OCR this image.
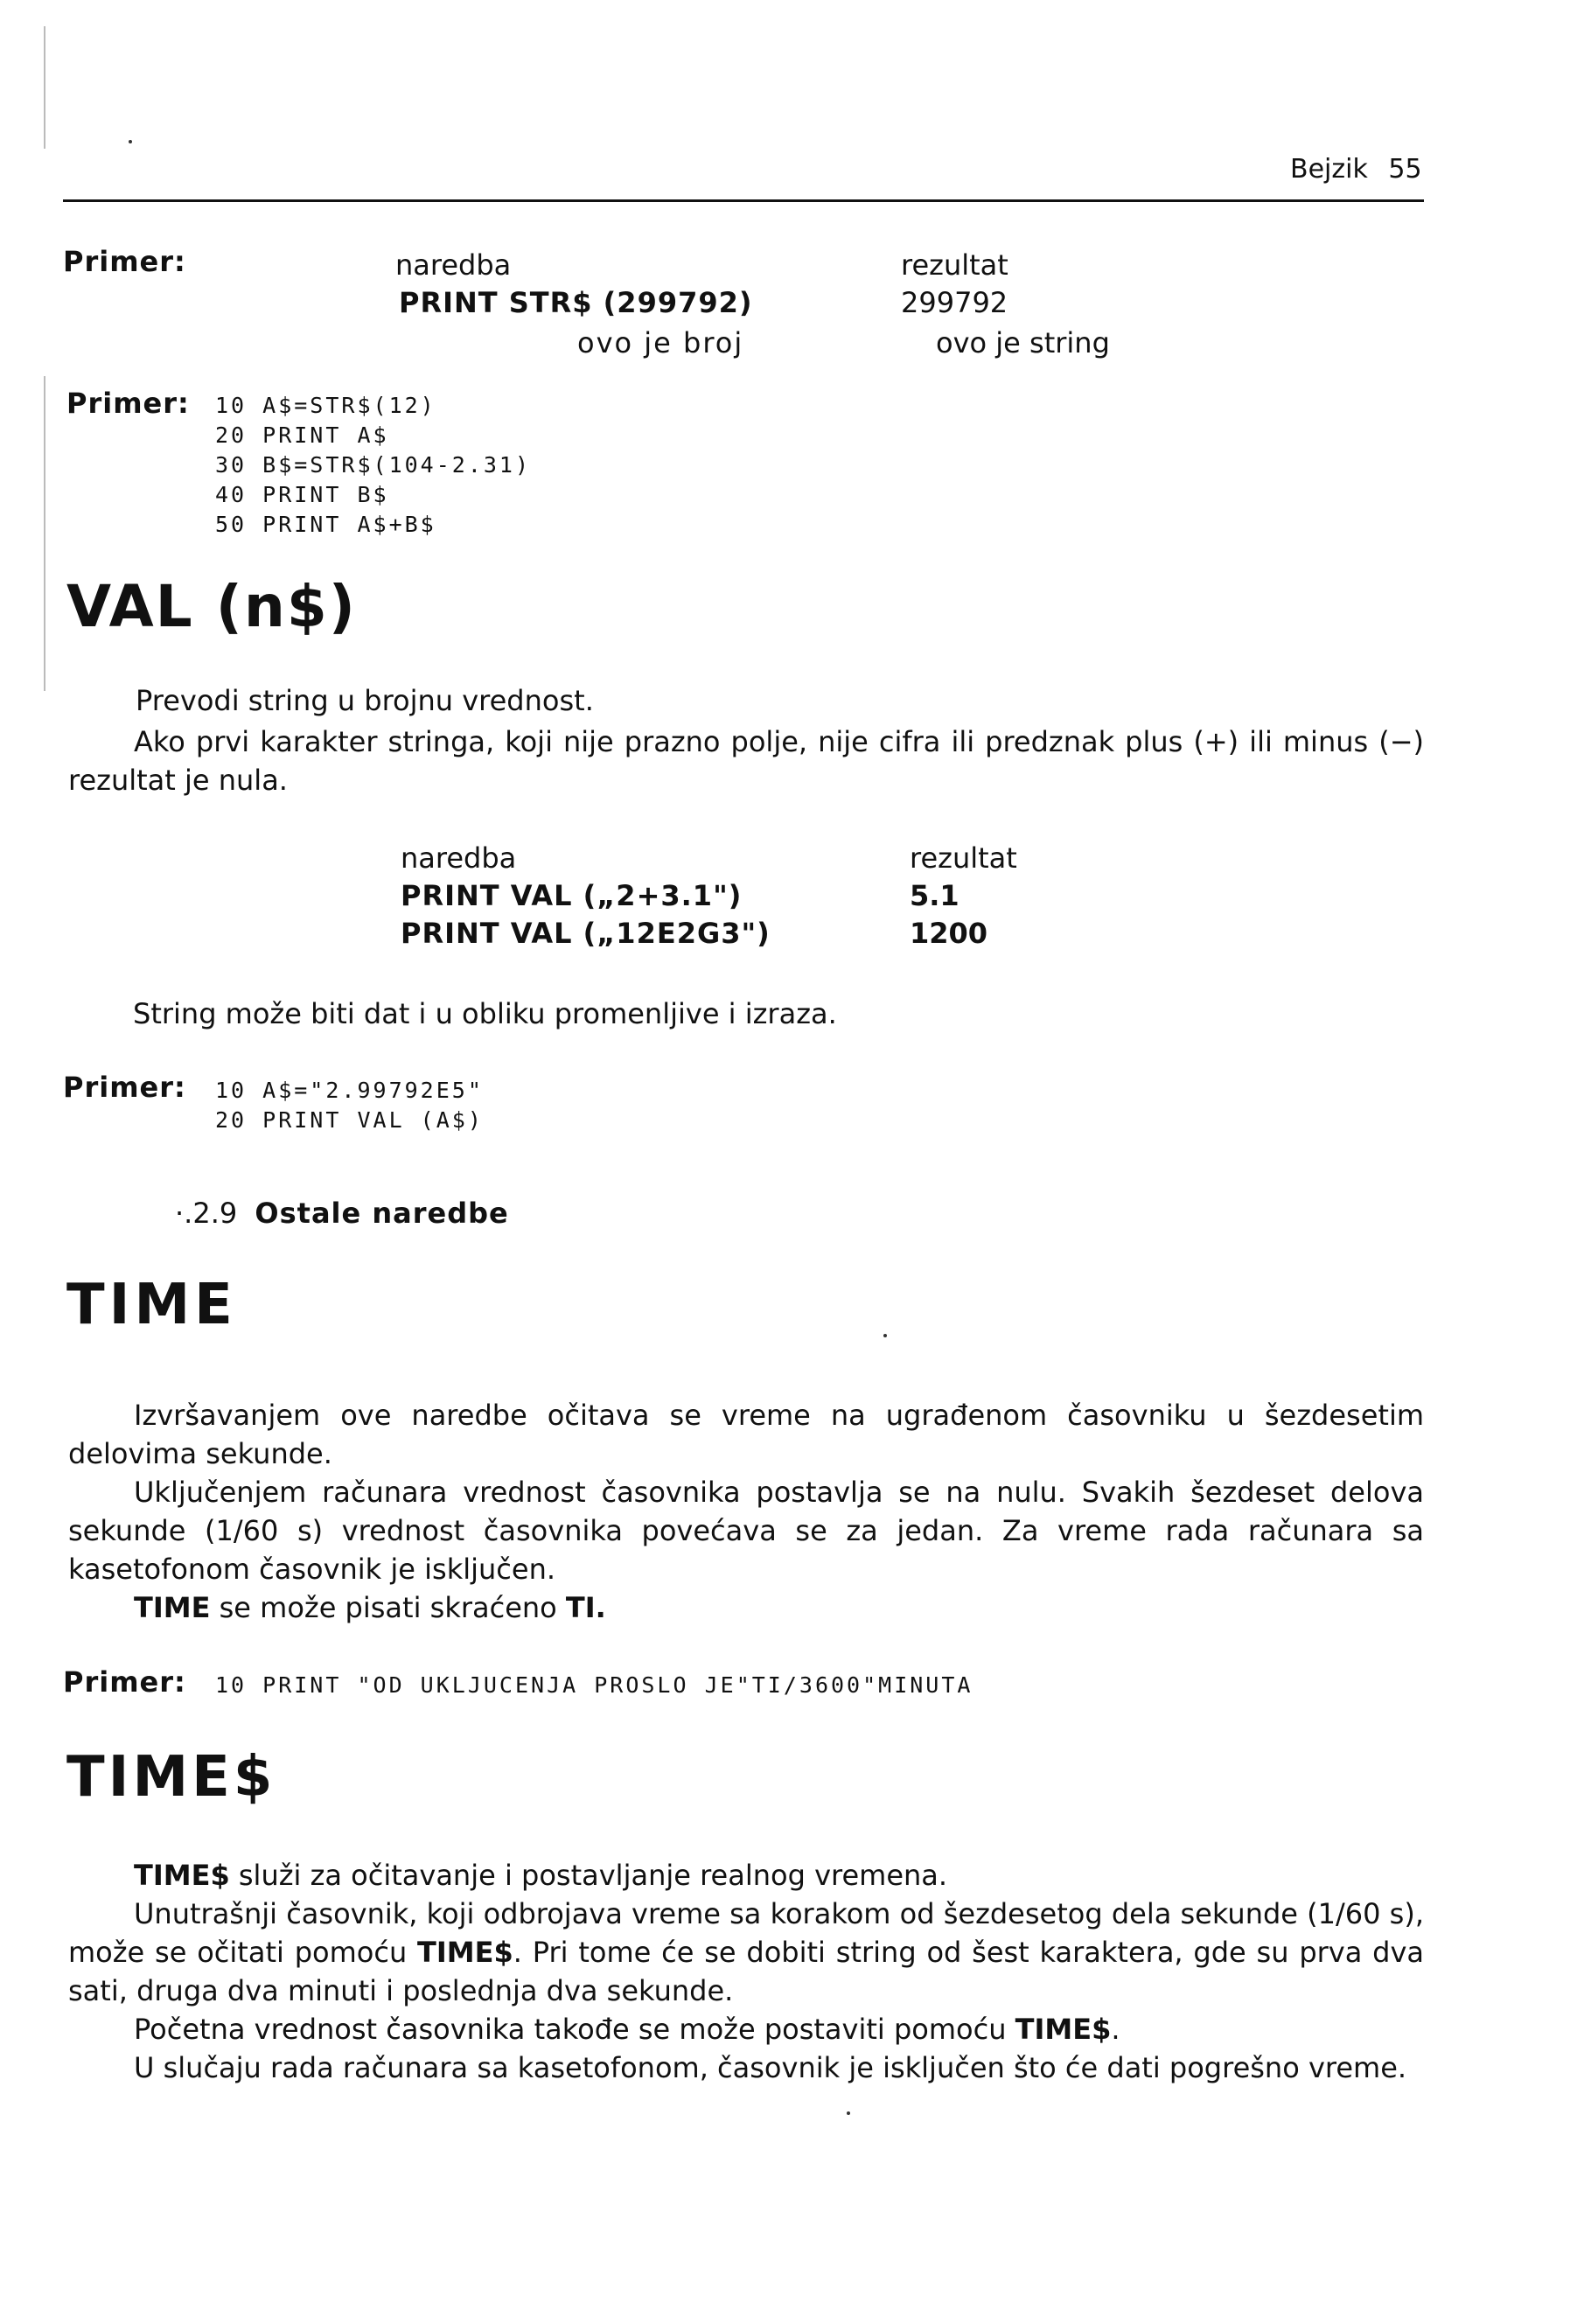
Bejzik 55
Primer:	naredba	rezultat
PRINT STR$ (299792)	299792
ovo je broj	ovo je string
Primer: 10 A$=STR$(12)
20 PRINT A$
30 B$=STR$(104-2.31)
40 PRINT B$
50 PRINT A$+B$
VAL (n$)
Prevodi string u brojnu vrednost.

Ako prvi karakter stringa, koji nije prazno polje, nije cifra ili predznak plus (+) ili minus (−) rezultat je nula.

naredba	rezultat
PRINT VAL („2+3.1")	5.1
PRINT VAL („12E2G3")	1200
String može biti dat i u obliku promenljive i izraza.
Primer: 10 A$="2.99792E5"
20 PRINT VAL (A$)
·.2.9 Ostale naredbe
TIME

Izvršavanjem ove naredbe očitava se vreme na ugrađenom časovniku u šezdesetim delovima sekunde.

Uključenjem računara vrednost časovnika postavlja se na nulu. Svakih šezdeset delova sekunde (1/60 s) vrednost časovnika povećava se za jedan. Za vreme rada računara sa kasetofonom časovnik je isključen.

TIME se može pisati skraćeno TI.

Primer: 10 PRINT "OD UKLJUCENJA PROSLO JE"TI/3600"MINUTA
TIME$

TIME$ služi za očitavanje i postavljanje realnog vremena.

Unutrašnji časovnik, koji odbrojava vreme sa korakom od šezdesetog dela sekunde (1/60 s), može se očitati pomoću TIME$. Pri tome će se dobiti string od šest karaktera, gde su prva dva sati, druga dva minuti i poslednja dva sekunde.

Početna vrednost časovnika takođe se može postaviti pomoću TIME$.

U slučaju rada računara sa kasetofonom, časovnik je isključen što će dati pogrešno vreme.
